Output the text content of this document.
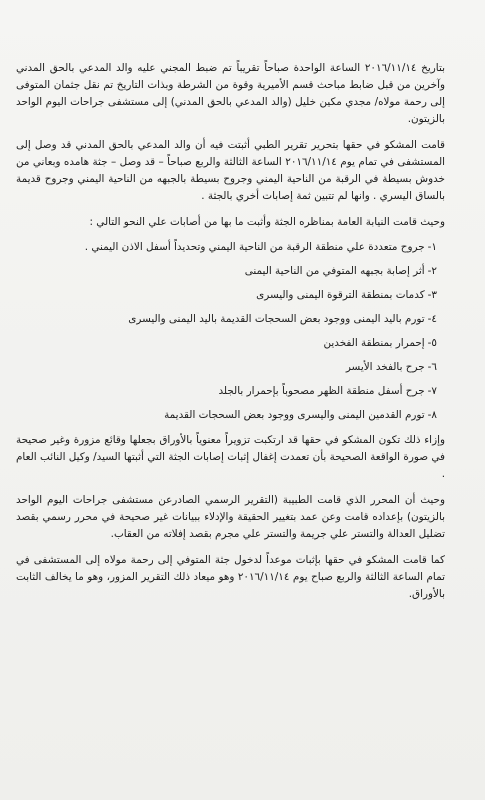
بتاريخ ٢٠١٦/١١/١٤ الساعة الواحدة صباحاً تقريباً تم ضبط المجني عليه والد المدعي بالحق المدني وآخرين من قبل ضابط مباحث قسم الأميرية وقوة من الشرطة وبذات التاريخ تم نقل جثمان المتوفى إلى رحمة مولاه/ مجدي مكين خليل (والد المدعي بالحق المدني) إلى مستشفى جراحات اليوم الواحد بالزيتون.

قامت المشكو في حقها بتحرير تقرير الطبي أثبتت فيه أن والد المدعي بالحق المدني قد وصل إلى المستشفى في تمام يوم ٢٠١٦/١١/١٤ الساعة الثالثة والربع صباحاً – قد وصل – جثة هامده وبعاني من خدوش بسيطة في الرقبة من الناحية اليمني وجروح بسيطة بالجبهه من الناحية اليمني وجروح قديمة بالساق اليسري . وانها لم تتبين ثمة إصابات أخري بالجثة .

وحيث قامت النيابة العامة بمناظره الجثة وأثبت ما بها من أصابات علي النحو التالي :

١-جروح متعددة علي منطقة الرقبة من الناحية اليمني وتحديداً أسفل الاذن اليمني .
٢-أثر إصابة بجبهه المتوفي من الناحية اليمنى
٣-كدمات بمنطقة الترقوة اليمنى واليسرى
٤-تورم باليد اليمنى ووجود بعض السحجات القديمة باليد اليمنى واليسرى
٥-إحمرار بمنطقة الفخدين
٦-جرح بالفخد الأيسر
٧-جرح أسفل منطقة الظهر مصحوباً بإحمرار بالجلد
٨-تورم القدمين اليمنى واليسرى ووجود بعض السحجات القديمة

وإزاء ذلك تكون المشكو في حقها قد ارتكبت تزويراً معنوياً بالأوراق بجعلها وقائع مزورة وغير صحيحة في صورة الواقعة الصحيحة بأن تعمدت إغفال إثبات إصابات الجثة التي أثبتها السيد/ وكيل النائب العام .

وحيث أن المحرر الذي قامت الطبيبة (التقرير الرسمي الصادرعن مستشفى جراحات اليوم الواحد بالزيتون) بإعداده قامت وعن عمد بتغيير الحقيقة والإدلاء ببيانات غير صحيحة في محرر رسمي بقصد تضليل العدالة والتستر علي جريمة والتستر علي مجرم بقصد إفلاته من العقاب.

كما قامت المشكو في حقها بإثبات موعداً لدخول جثة المتوفي إلى رحمة مولاه إلى المستشفى في تمام الساعة الثالثة والربع صباح يوم ٢٠١٦/١١/١٤ وهو ميعاد ذلك التقرير المزور، وهو ما يخالف الثابت بالأوراق.
